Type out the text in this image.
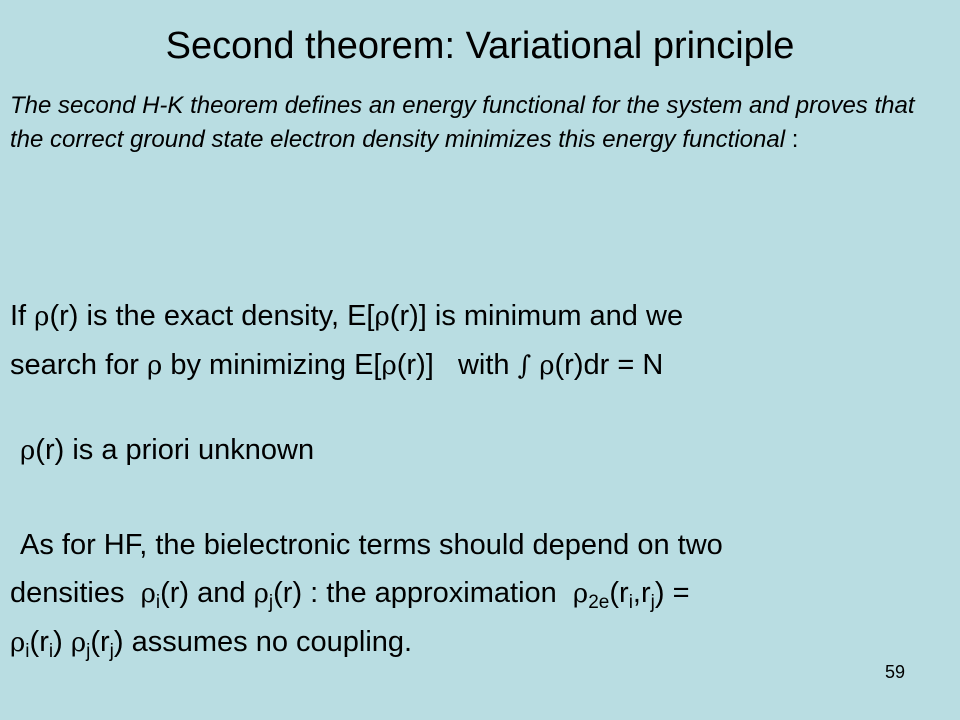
Second theorem: Variational principle
The second H-K theorem defines an energy functional for the system and proves that the correct ground state electron density minimizes this energy functional :
If ρ(r) is the exact density, E[ρ(r)] is minimum and we
search for ρ by minimizing E[ρ(r)]   with ∫ ρ(r)dr = N
ρ(r) is a priori unknown
As for HF, the bielectronic terms should depend on two
densities  $\rho_i(r)$ and $\rho_j(r)$ : the approximation  $\rho_{2e}(r_i,r_j)$ =
$\rho_i(r_i)$ $\rho_j(r_j)$ assumes no coupling.
59
